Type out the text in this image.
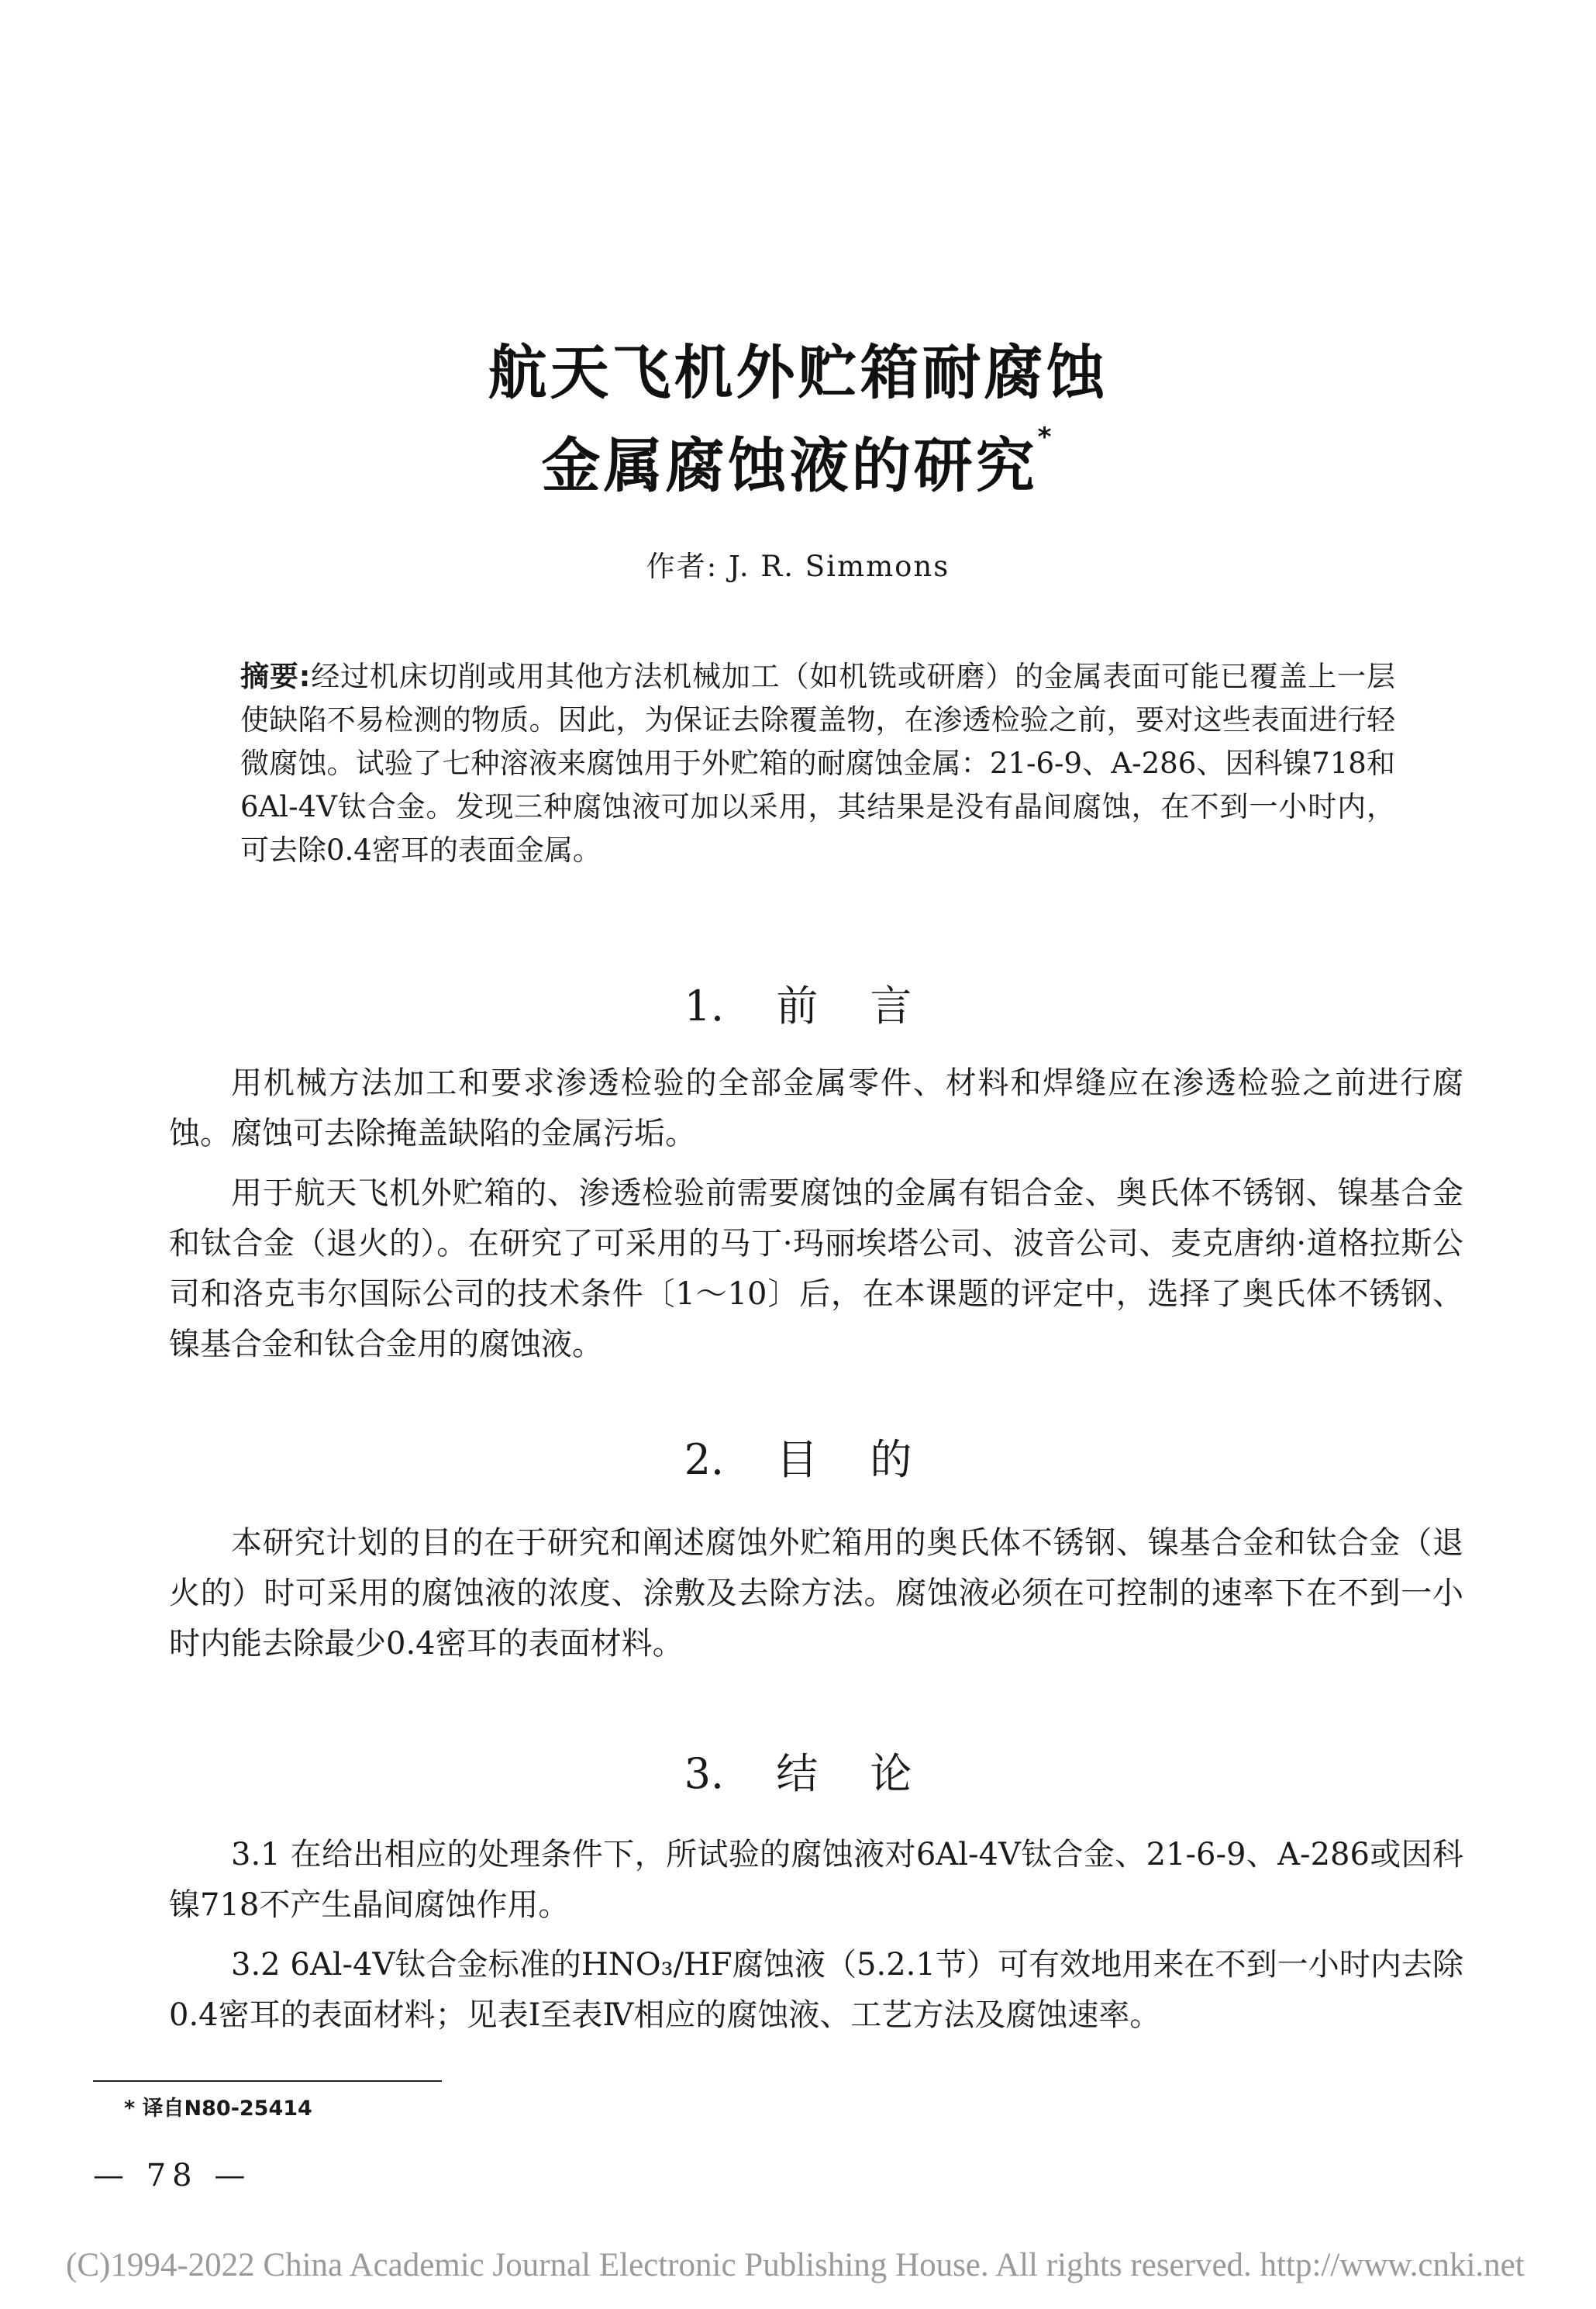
航天飞机外贮箱耐腐蚀
金属腐蚀液的研究*
作者: J. R. Simmons
摘要:经过机床切削或用其他方法机械加工（如机铣或研磨）的金属表面可能已覆盖上一层使缺陷不易检测的物质。因此，为保证去除覆盖物，在渗透检验之前，要对这些表面进行轻微腐蚀。试验了七种溶液来腐蚀用于外贮箱的耐腐蚀金属：21-6-9、A-286、因科镍718和6Al-4V钛合金。发现三种腐蚀液可加以采用，其结果是没有晶间腐蚀，在不到一小时内，可去除0.4密耳的表面金属。
1. 前 言

用机械方法加工和要求渗透检验的全部金属零件、材料和焊缝应在渗透检验之前进行腐蚀。腐蚀可去除掩盖缺陷的金属污垢。

用于航天飞机外贮箱的、渗透检验前需要腐蚀的金属有铝合金、奥氏体不锈钢、镍基合金和钛合金（退火的）。在研究了可采用的马丁·玛丽埃塔公司、波音公司、麦克唐纳·道格拉斯公司和洛克韦尔国际公司的技术条件〔1～10〕后，在本课题的评定中，选择了奥氏体不锈钢、镍基合金和钛合金用的腐蚀液。

2. 目 的

本研究计划的目的在于研究和阐述腐蚀外贮箱用的奥氏体不锈钢、镍基合金和钛合金（退火的）时可采用的腐蚀液的浓度、涂敷及去除方法。腐蚀液必须在可控制的速率下在不到一小时内能去除最少0.4密耳的表面材料。

3. 结 论

3.1 在给出相应的处理条件下，所试验的腐蚀液对6Al-4V钛合金、21-6-9、A-286或因科镍718不产生晶间腐蚀作用。

3.2 6Al-4V钛合金标准的HNO₃/HF腐蚀液（5.2.1节）可有效地用来在不到一小时内去除0.4密耳的表面材料；见表Ⅰ至表Ⅳ相应的腐蚀液、工艺方法及腐蚀速率。

* 译自N80-25414
— 78 —
(C)1994-2022 China Academic Journal Electronic Publishing House. All rights reserved. http://www.cnki.net
